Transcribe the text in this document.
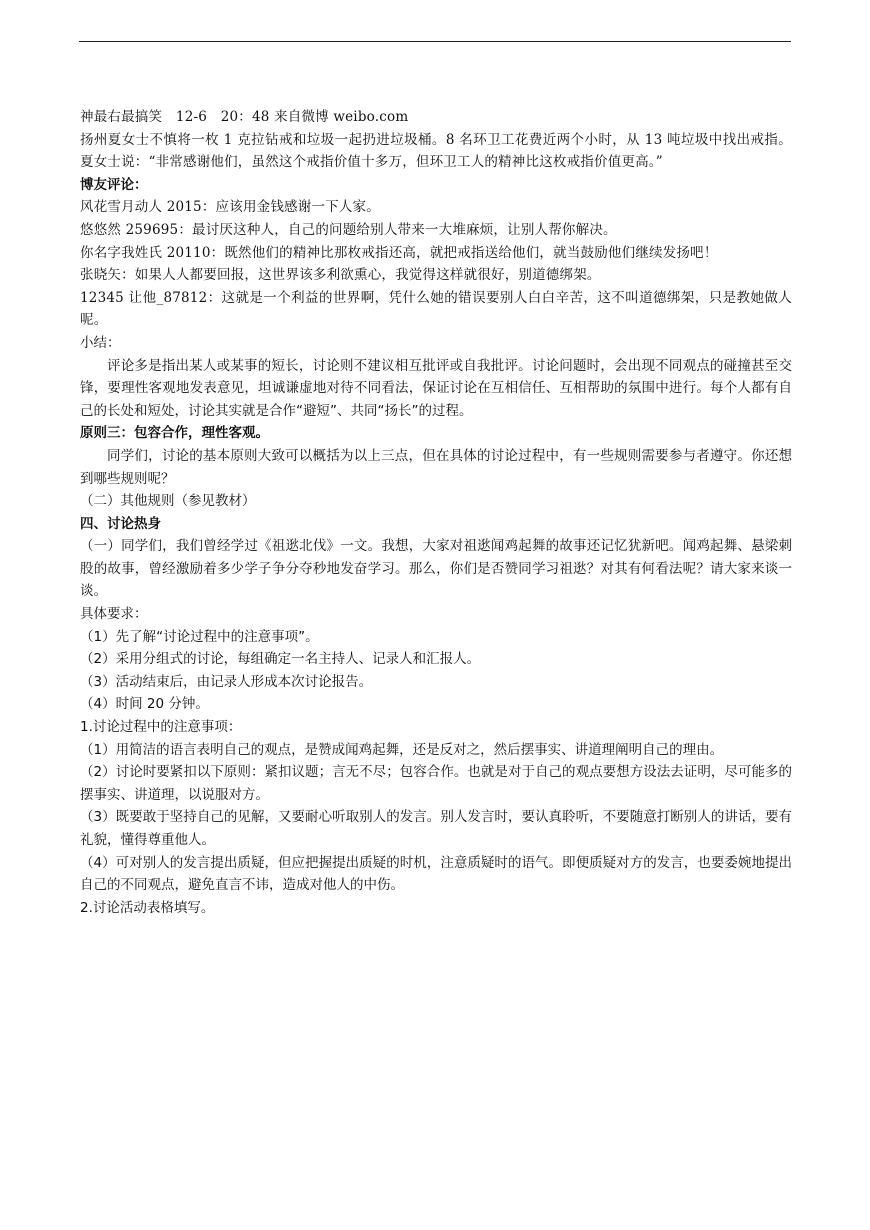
神最右最搞笑　12-6　20：48 来自微博 weibo.com

扬州夏女士不慎将一枚 1 克拉钻戒和垃圾一起扔进垃圾桶。8 名环卫工花费近两个小时，从 13 吨垃圾中找出戒指。夏女士说：“非常感谢他们，虽然这个戒指价值十多万，但环卫工人的精神比这枚戒指价值更高。”

博友评论：

风花雪月动人 2015：应该用金钱感谢一下人家。

悠悠然 259695：最讨厌这种人，自己的问题给别人带来一大堆麻烦，让别人帮你解决。

你名字我姓氏 20110：既然他们的精神比那枚戒指还高，就把戒指送给他们，就当鼓励他们继续发扬吧！

张晓矢：如果人人都要回报，这世界该多利欲熏心，我觉得这样就很好，别道德绑架。

12345 让他_87812：这就是一个利益的世界啊，凭什么她的错误要别人白白辛苦，这不叫道德绑架，只是教她做人呢。

小结：

评论多是指出某人或某事的短长，讨论则不建议相互批评或自我批评。讨论问题时，会出现不同观点的碰撞甚至交锋，要理性客观地发表意见，坦诚谦虚地对待不同看法，保证讨论在互相信任、互相帮助的氛围中进行。每个人都有自己的长处和短处，讨论其实就是合作“避短”、共同“扬长”的过程。

原则三：包容合作，理性客观。

同学们，讨论的基本原则大致可以概括为以上三点，但在具体的讨论过程中，有一些规则需要参与者遵守。你还想到哪些规则呢？

（二）其他规则（参见教材）

四、讨论热身

（一）同学们，我们曾经学过《祖逖北伐》一文。我想，大家对祖逖闻鸡起舞的故事还记忆犹新吧。闻鸡起舞、悬梁刺股的故事，曾经激励着多少学子争分夺秒地发奋学习。那么，你们是否赞同学习祖逖？对其有何看法呢？请大家来谈一谈。

具体要求：

（1）先了解“讨论过程中的注意事项”。

（2）采用分组式的讨论，每组确定一名主持人、记录人和汇报人。

（3）活动结束后，由记录人形成本次讨论报告。

（4）时间 20 分钟。

1.讨论过程中的注意事项：

（1）用简洁的语言表明自己的观点，是赞成闻鸡起舞，还是反对之，然后摆事实、讲道理阐明自己的理由。

（2）讨论时要紧扣以下原则：紧扣议题；言无不尽；包容合作。也就是对于自己的观点要想方设法去证明，尽可能多的摆事实、讲道理，以说服对方。

（3）既要敢于坚持自己的见解，又要耐心听取别人的发言。别人发言时，要认真聆听，不要随意打断别人的讲话，要有礼貌，懂得尊重他人。

（4）可对别人的发言提出质疑，但应把握提出质疑的时机，注意质疑时的语气。即便质疑对方的发言，也要委婉地提出自己的不同观点，避免直言不讳，造成对他人的中伤。

2.讨论活动表格填写。
